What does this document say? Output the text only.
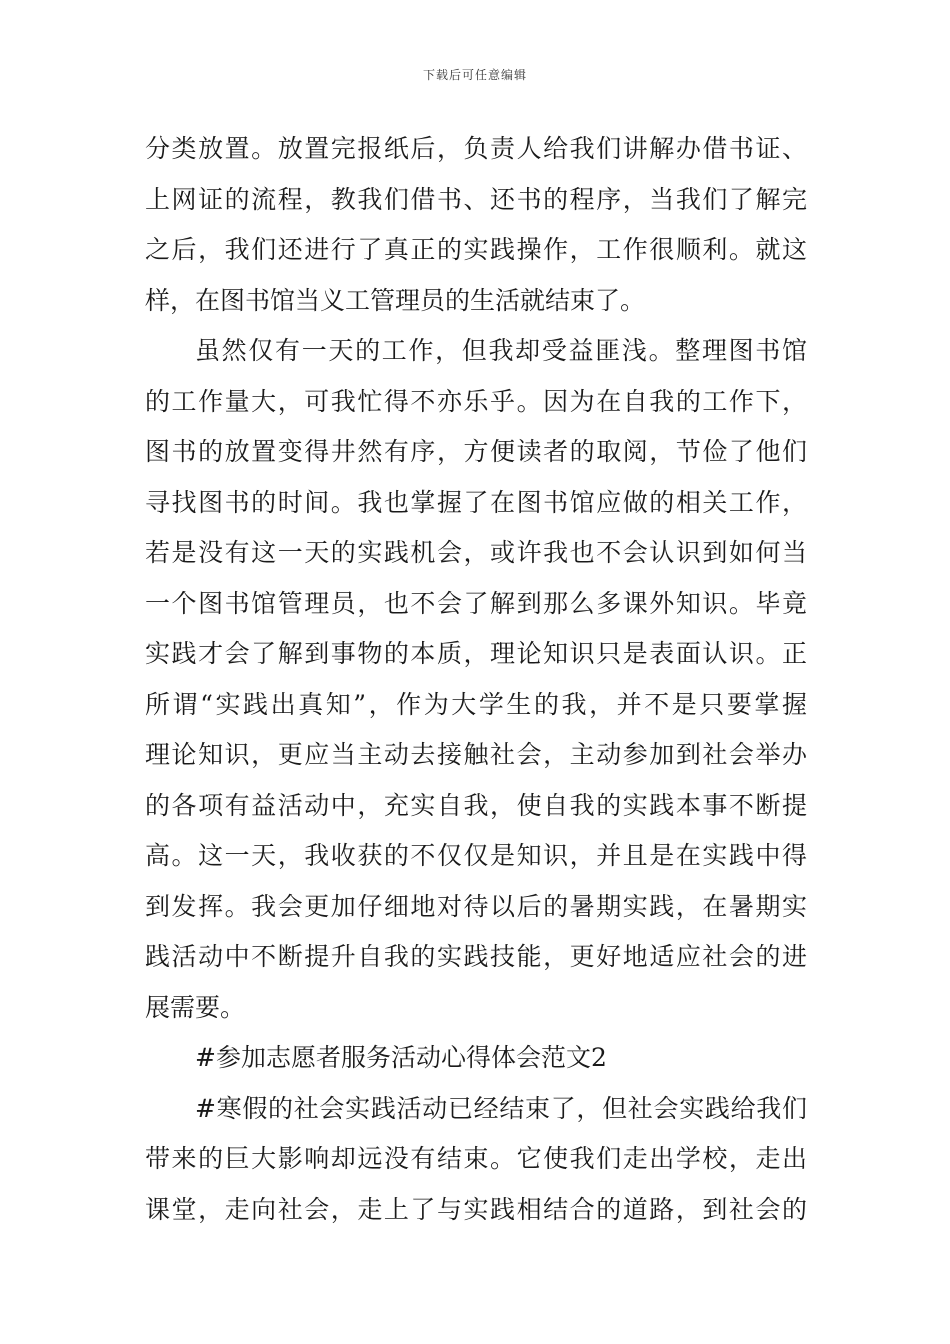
下载后可任意编辑
分类放置。放置完报纸后，负责人给我们讲解办借书证、
上网证的流程，教我们借书、还书的程序，当我们了解完
之后，我们还进行了真正的实践操作，工作很顺利。就这
样，在图书馆当义工管理员的生活就结束了。
虽然仅有一天的工作，但我却受益匪浅。整理图书馆
的工作量大，可我忙得不亦乐乎。因为在自我的工作下，
图书的放置变得井然有序，方便读者的取阅，节俭了他们
寻找图书的时间。我也掌握了在图书馆应做的相关工作，
若是没有这一天的实践机会，或许我也不会认识到如何当
一个图书馆管理员，也不会了解到那么多课外知识。毕竟
实践才会了解到事物的本质，理论知识只是表面认识。正
所谓“实践出真知”，作为大学生的我，并不是只要掌握
理论知识，更应当主动去接触社会，主动参加到社会举办
的各项有益活动中，充实自我，使自我的实践本事不断提
高。这一天，我收获的不仅仅是知识，并且是在实践中得
到发挥。我会更加仔细地对待以后的暑期实践，在暑期实
践活动中不断提升自我的实践技能，更好地适应社会的进
展需要。
#参加志愿者服务活动心得体会范文2
#寒假的社会实践活动已经结束了，但社会实践给我们
带来的巨大影响却远没有结束。它使我们走出学校，走出
课堂，走向社会，走上了与实践相结合的道路，到社会的
